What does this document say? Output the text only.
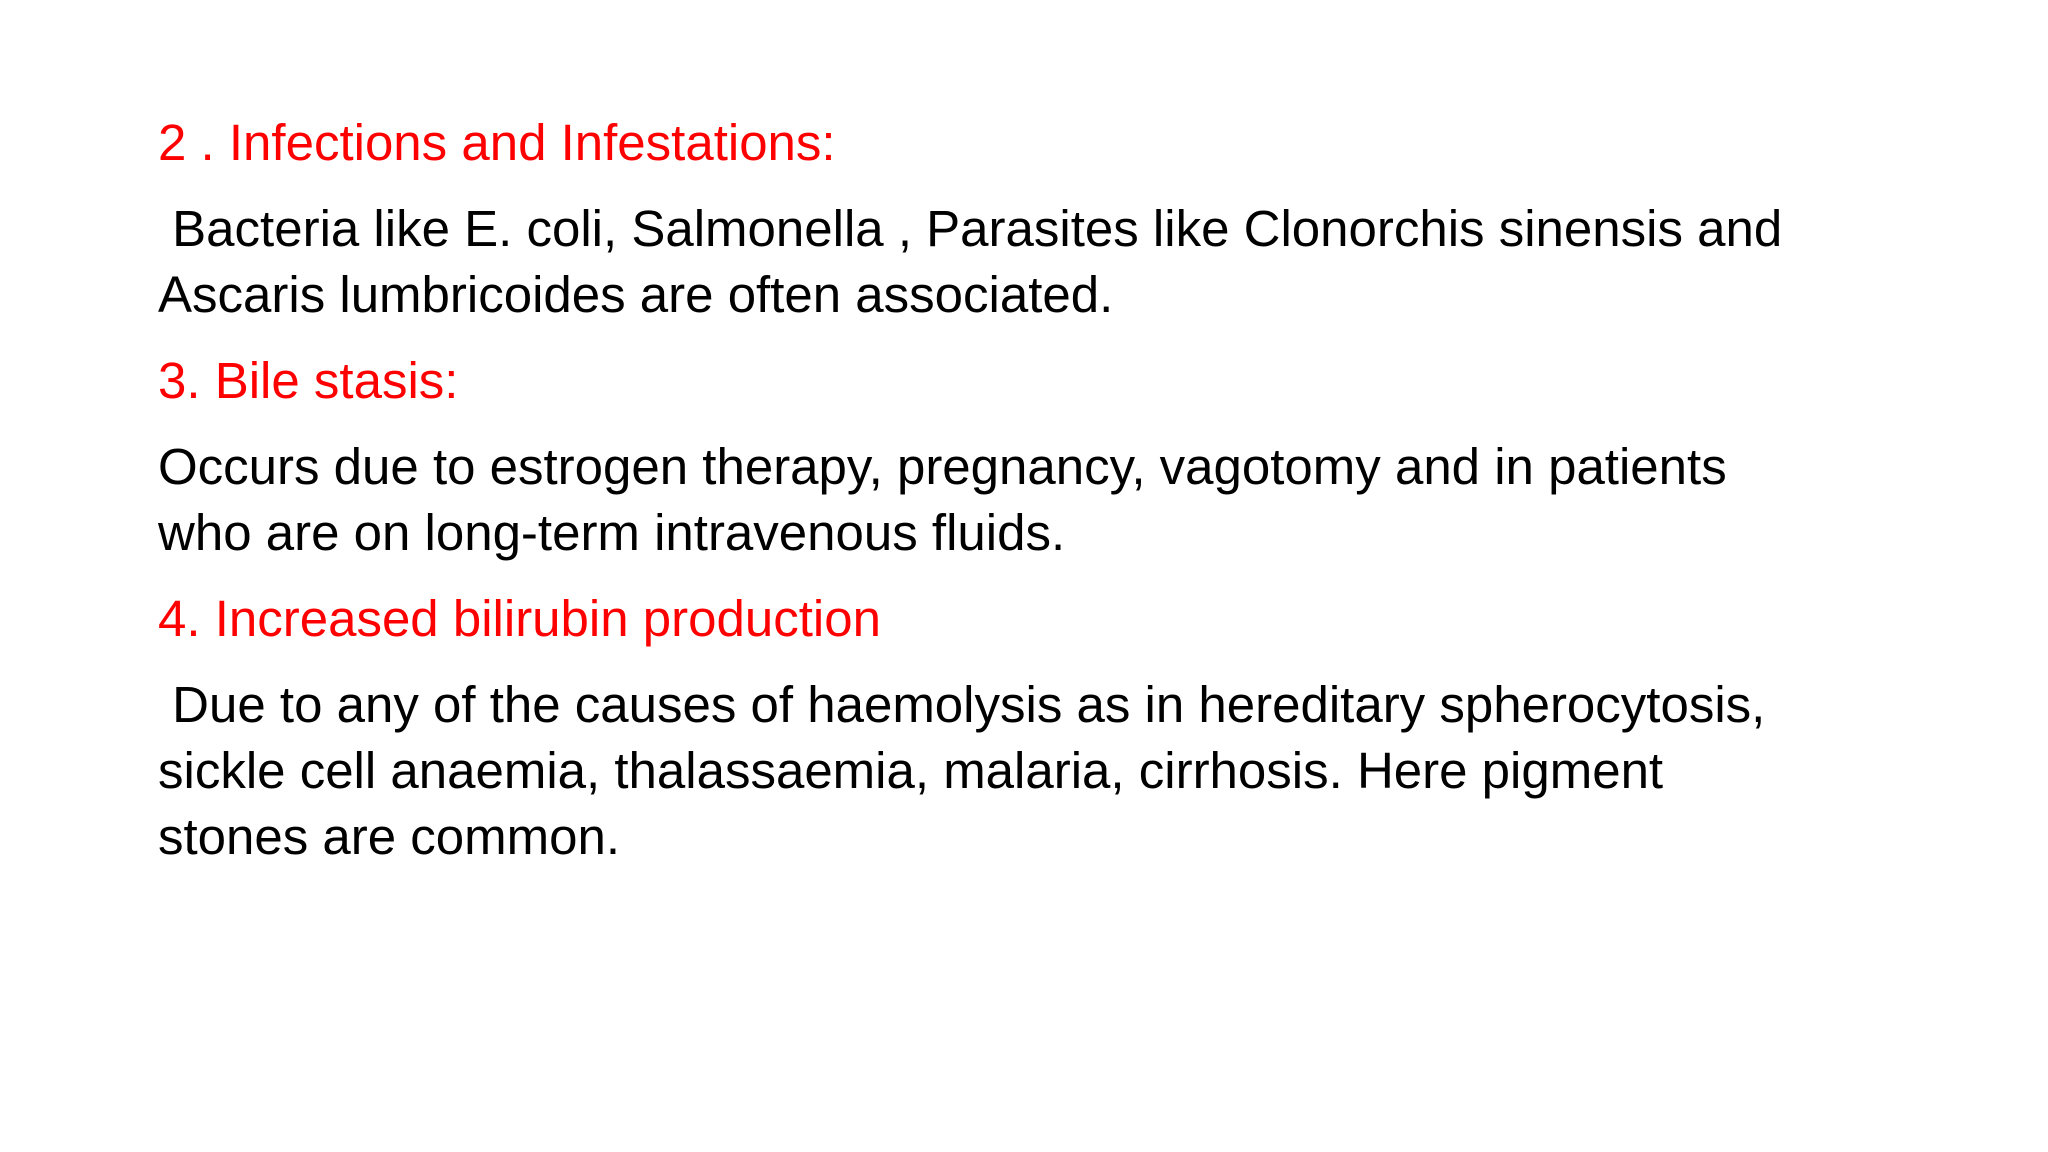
2 . Infections and Infestations:
Bacteria like E. coli, Salmonella , Parasites like Clonorchis sinensis and
Ascaris lumbricoides are often associated.
3. Bile stasis:
Occurs due to estrogen therapy, pregnancy, vagotomy and in patients
who are on long-term intravenous fluids.
4. Increased bilirubin production
Due to any of the causes of haemolysis as in hereditary spherocytosis,
sickle cell anaemia, thalassaemia, malaria, cirrhosis. Here pigment
stones are common.
